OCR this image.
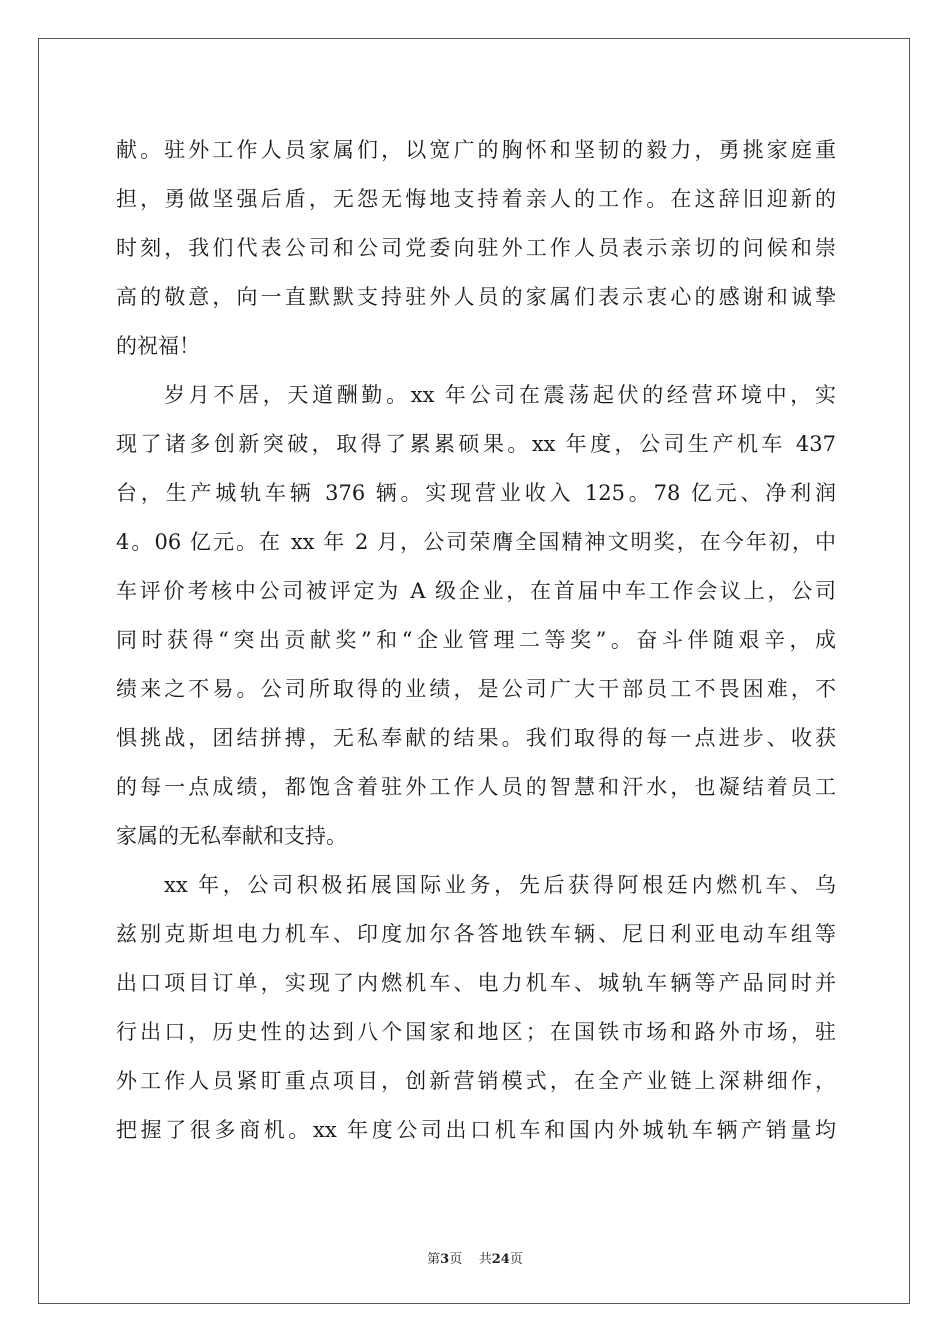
献。驻外工作人员家属们，以宽广的胸怀和坚韧的毅力，勇挑家庭重
担，勇做坚强后盾，无怨无悔地支持着亲人的工作。在这辞旧迎新的
时刻，我们代表公司和公司党委向驻外工作人员表示亲切的问候和崇
高的敬意，向一直默默支持驻外人员的家属们表示衷心的感谢和诚挚
的祝福！
岁月不居，天道酬勤。xx 年公司在震荡起伏的经营环境中，实
现了诸多创新突破，取得了累累硕果。xx 年度，公司生产机车 437
台，生产城轨车辆 376 辆。实现营业收入 125。78 亿元、净利润
4。06 亿元。在 xx 年 2 月，公司荣膺全国精神文明奖，在今年初，中
车评价考核中公司被评定为 A 级企业，在首届中车工作会议上，公司
同时获得“突出贡献奖”和“企业管理二等奖”。奋斗伴随艰辛，成
绩来之不易。公司所取得的业绩，是公司广大干部员工不畏困难，不
惧挑战，团结拼搏，无私奉献的结果。我们取得的每一点进步、收获
的每一点成绩，都饱含着驻外工作人员的智慧和汗水，也凝结着员工
家属的无私奉献和支持。
xx 年，公司积极拓展国际业务，先后获得阿根廷内燃机车、乌
兹别克斯坦电力机车、印度加尔各答地铁车辆、尼日利亚电动车组等
出口项目订单，实现了内燃机车、电力机车、城轨车辆等产品同时并
行出口，历史性的达到八个国家和地区；在国铁市场和路外市场，驻
外工作人员紧盯重点项目，创新营销模式，在全产业链上深耕细作，
把握了很多商机。xx 年度公司出口机车和国内外城轨车辆产销量均
第3页 共24页
